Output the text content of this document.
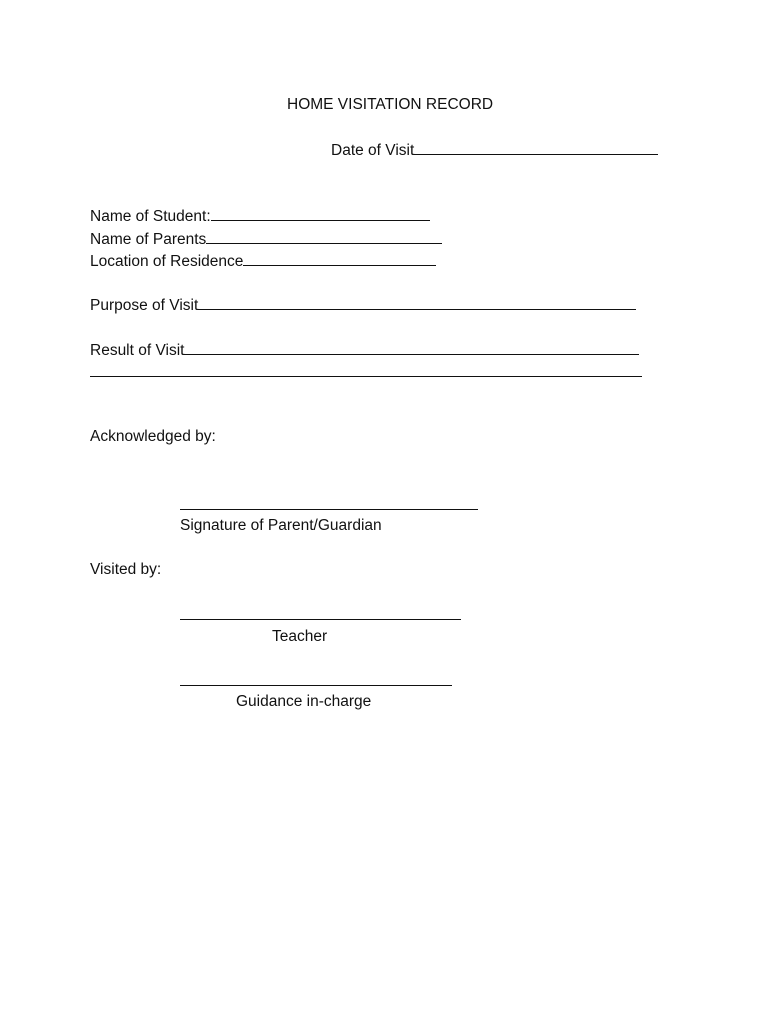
HOME VISITATION RECORD
Date of Visit
Name of Student:
Name of Parents
Location of Residence
Purpose of Visit
Result of Visit
Acknowledged by:
Signature of Parent/Guardian
Visited by:
Teacher
Guidance in-charge
